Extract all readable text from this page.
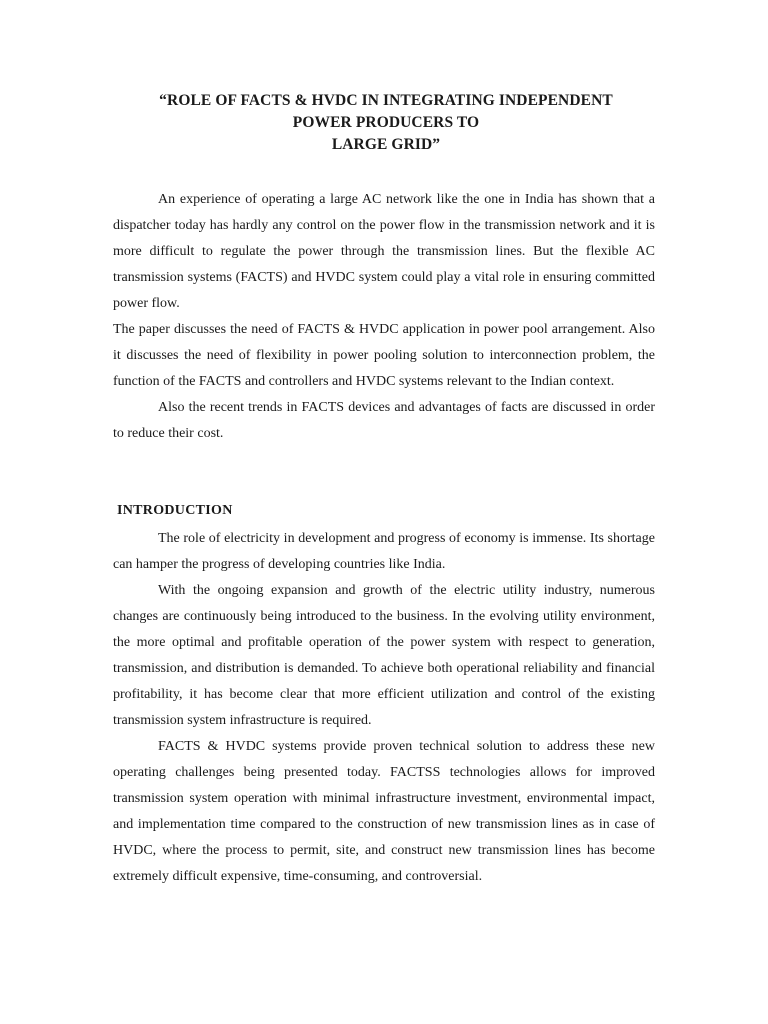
“ROLE OF FACTS & HVDC IN INTEGRATING INDEPENDENT
POWER PRODUCERS TO
LARGE GRID”

An experience of operating a large AC network like the one in India has shown that a dispatcher today has hardly any control on the power flow in the transmission network and it is more difficult to regulate the power through the transmission lines. But the flexible AC transmission systems (FACTS) and HVDC system could play a vital role in ensuring committed power flow.

The paper discusses the need of FACTS & HVDC application in power pool arrangement. Also it discusses the need of flexibility in power pooling solution to interconnection problem, the function of the FACTS and controllers and HVDC systems relevant to the Indian context.

Also the recent trends in FACTS devices and advantages of facts are discussed in order to reduce their cost.

INTRODUCTION

The role of electricity in development and progress of economy is immense. Its shortage can hamper the progress of developing countries like India.

With the ongoing expansion and growth of the electric utility industry, numerous changes are continuously being introduced to the business. In the evolving utility environment, the more optimal and profitable operation of the power system with respect to generation, transmission, and distribution is demanded. To achieve both operational reliability and financial profitability, it has become clear that more efficient utilization and control of the existing transmission system infrastructure is required.

FACTS & HVDC systems provide proven technical solution to address these new operating challenges being presented today. FACTSS technologies allows for improved transmission system operation with minimal infrastructure investment, environmental impact, and implementation time compared to the construction of new transmission lines as in case of HVDC, where the process to permit, site, and construct new transmission lines has become extremely difficult expensive, time-consuming, and controversial.
